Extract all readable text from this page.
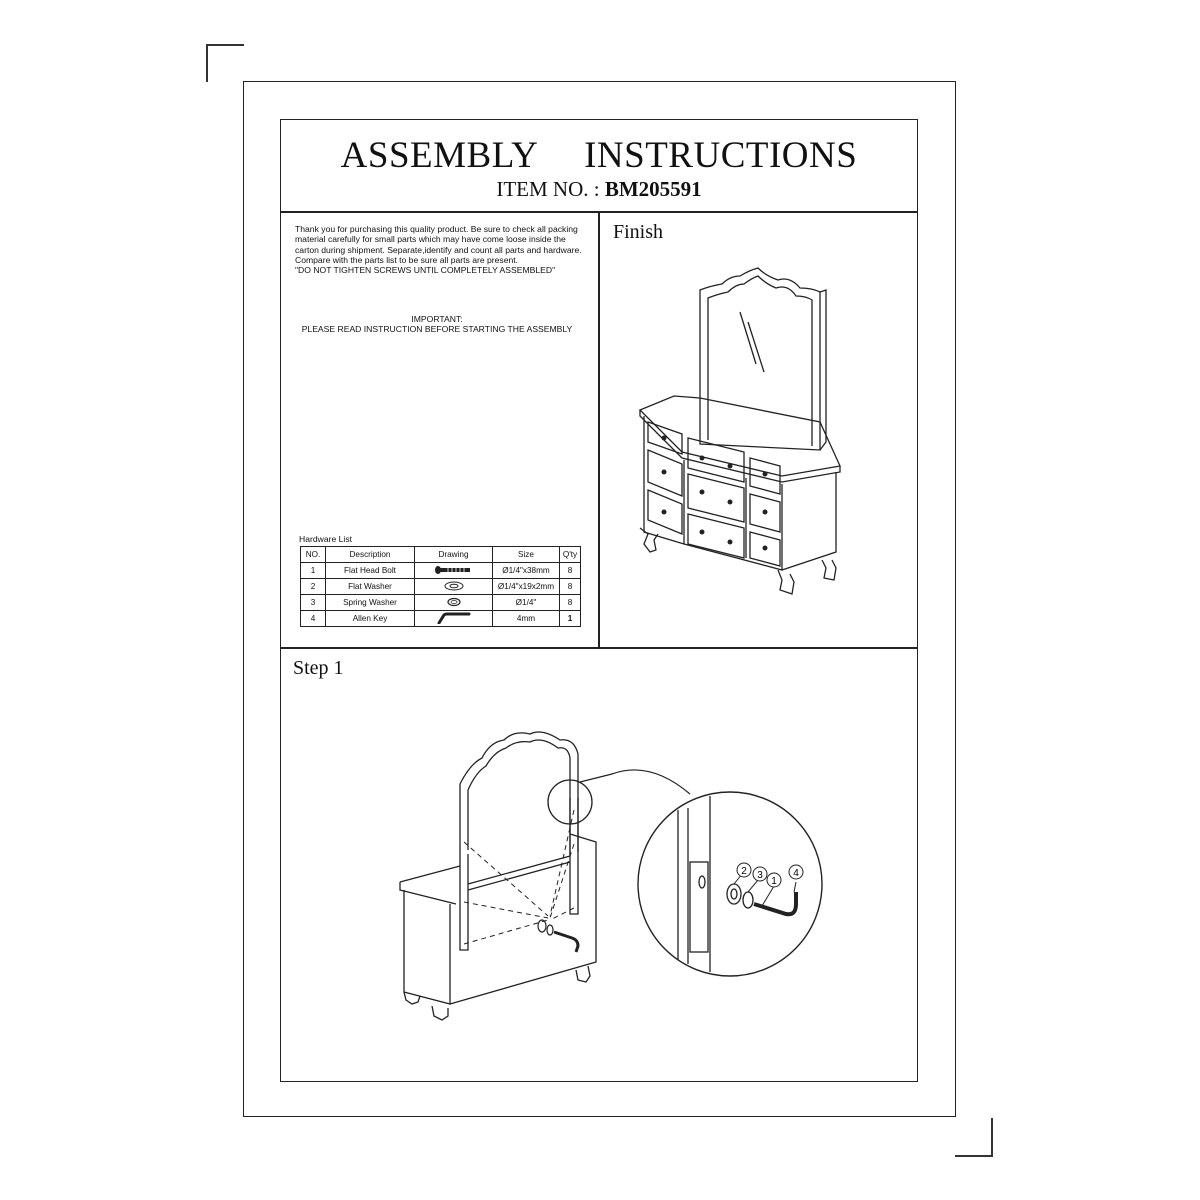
ASSEMBLY INSTRUCTIONS
ITEM NO. : BM205591

Thank you for purchasing this quality product. Be sure to check all packing

material carefully for small parts which may have come loose inside the

carton during shipment. Separate,identify and count all parts and hardware.

Compare with the parts list to be sure all parts are present.

"DO NOT TIGHTEN SCREWS UNTIL COMPLETELY ASSEMBLED"

IMPORTANT:
PLEASE READ INSTRUCTION BEFORE STARTING THE ASSEMBLY
Hardware List
NO.	Description	Drawing	Size	Q'ty
1	Flat Head Bolt		Ø1/4"x38mm	8
2	Flat Washer		Ø1/4"x19x2mm	8
3	Spring Washer		Ø1/4"	8
4	Allen Key		4mm	1
Finish
Step 1
2 3
1
4
